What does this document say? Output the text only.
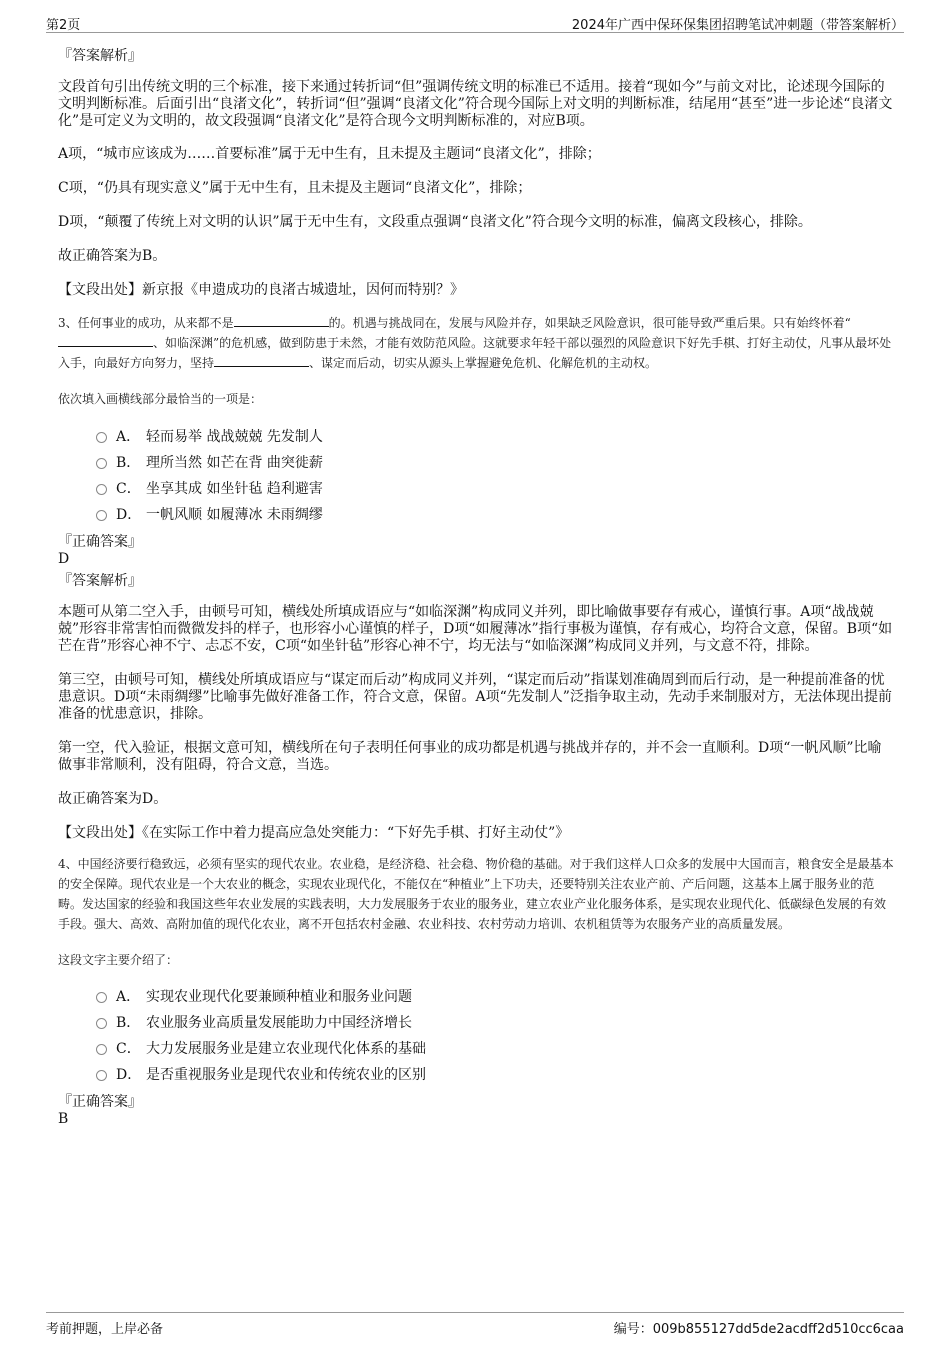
第2页	2024年广西中保环保集团招聘笔试冲刺题（带答案解析）
『答案解析』

文段首句引出传统文明的三个标准，接下来通过转折词“但”强调传统文明的标准已不适用。接着“现如今”与前文对比，论述现今国际的文明判断标准。后面引出“良渚文化”，转折词“但”强调“良渚文化”符合现今国际上对文明的判断标准，结尾用“甚至”进一步论述“良渚文化”是可定义为文明的，故文段强调“良渚文化”是符合现今文明判断标准的，对应B项。

A项，“城市应该成为……首要标准”属于无中生有，且未提及主题词“良渚文化”，排除；

C项，“仍具有现实意义”属于无中生有，且未提及主题词“良渚文化”，排除；

D项，“颠覆了传统上对文明的认识”属于无中生有，文段重点强调“良渚文化”符合现今文明的标准，偏离文段核心，排除。

故正确答案为B。

【文段出处】新京报《申遗成功的良渚古城遗址，因何而特别？》

3、任何事业的成功，从来都不是	的。机遇与挑战同在，发展与风险并存，如果缺乏风险意识，很可能导致严重后果。只有始终怀着“、如临深渊”的危机感，做到防患于未然，才能有效防范风险。这就要求年轻干部以强烈的风险意识下好先手棋、打好主动仗，凡事从最坏处入手，向最好方向努力，坚持	、谋定而后动，切实从源头上掌握避免危机、化解危机的主动权。

依次填入画横线部分最恰当的一项是：

A． 轻而易举 战战兢兢 先发制人
B． 理所当然 如芒在背 曲突徙薪
C． 坐享其成 如坐针毡 趋利避害
D． 一帆风顺 如履薄冰 未雨绸缪
『正确答案』
D
『答案解析』

本题可从第二空入手，由顿号可知，横线处所填成语应与“如临深渊”构成同义并列，即比喻做事要存有戒心，谨慎行事。A项“战战兢兢”形容非常害怕而微微发抖的样子，也形容小心谨慎的样子，D项“如履薄冰”指行事极为谨慎，存有戒心，均符合文意，保留。B项“如芒在背”形容心神不宁、忐忑不安，C项“如坐针毡”形容心神不宁，均无法与“如临深渊”构成同义并列，与文意不符，排除。

第三空，由顿号可知，横线处所填成语应与“谋定而后动”构成同义并列，“谋定而后动”指谋划准确周到而后行动，是一种提前准备的忧患意识。D项“未雨绸缪”比喻事先做好准备工作，符合文意，保留。A项“先发制人”泛指争取主动，先动手来制服对方，无法体现出提前准备的忧患意识，排除。

第一空，代入验证，根据文意可知，横线所在句子表明任何事业的成功都是机遇与挑战并存的，并不会一直顺利。D项“一帆风顺”比喻做事非常顺利，没有阻碍，符合文意，当选。

故正确答案为D。

【文段出处】《在实际工作中着力提高应急处突能力：“下好先手棋、打好主动仗”》

4、中国经济要行稳致远，必须有坚实的现代农业。农业稳，是经济稳、社会稳、物价稳的基础。对于我们这样人口众多的发展中大国而言，粮食安全是最基本的安全保障。现代农业是一个大农业的概念，实现农业现代化，不能仅在“种植业”上下功夫，还要特别关注农业产前、产后问题，这基本上属于服务业的范畴。发达国家的经验和我国这些年农业发展的实践表明，大力发展服务于农业的服务业，建立农业产业化服务体系，是实现农业现代化、低碳绿色发展的有效手段。强大、高效、高附加值的现代化农业，离不开包括农村金融、农业科技、农村劳动力培训、农机租赁等为农服务产业的高质量发展。

这段文字主要介绍了：

A． 实现农业现代化要兼顾种植业和服务业问题
B． 农业服务业高质量发展能助力中国经济增长
C． 大力发展服务业是建立农业现代化体系的基础
D． 是否重视服务业是现代农业和传统农业的区别
『正确答案』
B
考前押题，上岸必备	编号：009b855127dd5de2acdff2d510cc6caa
